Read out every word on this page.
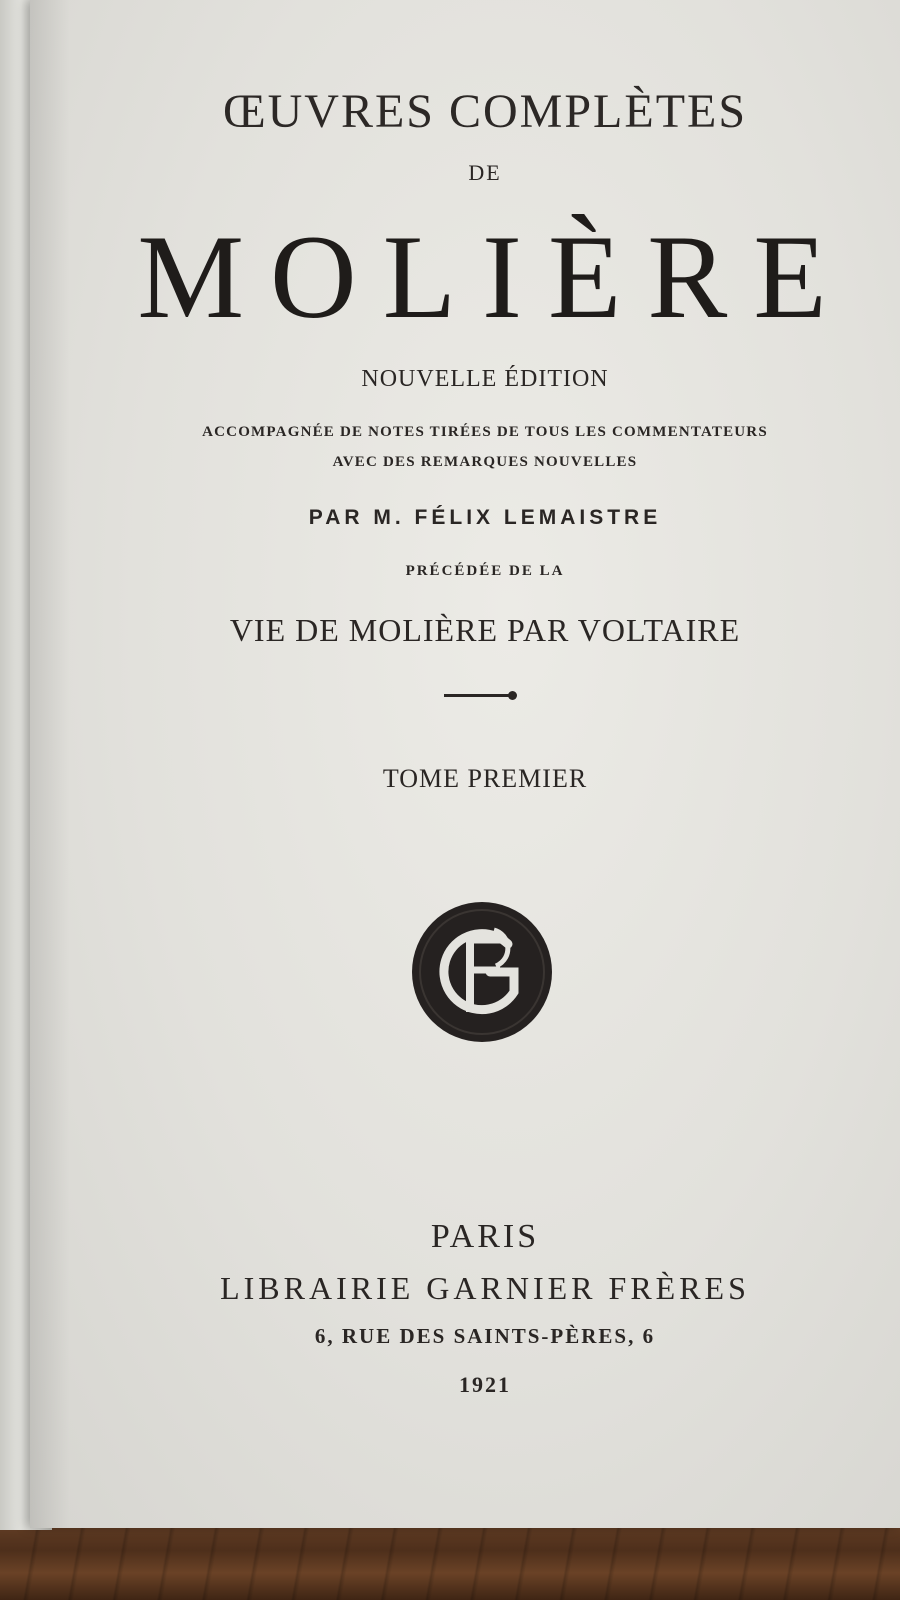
ŒUVRES COMPLÈTES
DE
MOLIÈRE
NOUVELLE ÉDITION
ACCOMPAGNÉE DE NOTES TIRÉES DE TOUS LES COMMENTATEURS
AVEC DES REMARQUES NOUVELLES
PAR M. FÉLIX LEMAISTRE
PRÉCÉDÉE DE LA
VIE DE MOLIÈRE PAR VOLTAIRE
TOME PREMIER
PARIS
LIBRAIRIE GARNIER FRÈRES
6, RUE DES SAINTS-PÈRES, 6
1921
